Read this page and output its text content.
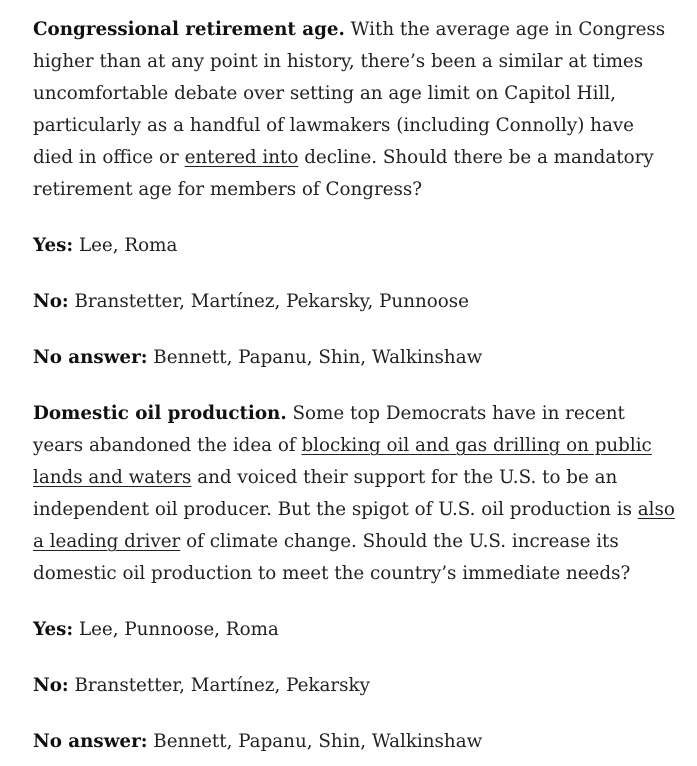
Congressional retirement age. With the average age in Congress higher than at any point in history, there’s been a similar at times uncomfortable debate over setting an age limit on Capitol Hill, particularly as a handful of lawmakers (including Connolly) have died in office or entered into decline. Should there be a mandatory retirement age for members of Congress?

Yes: Lee, Roma

No: Branstetter, Martínez, Pekarsky, Punnoose

No answer: Bennett, Papanu, Shin, Walkinshaw

Domestic oil production. Some top Democrats have in recent years abandoned the idea of blocking oil and gas drilling on public lands and waters and voiced their support for the U.S. to be an independent oil producer. But the spigot of U.S. oil production is also a leading driver of climate change. Should the U.S. increase its domestic oil production to meet the country’s immediate needs?

Yes: Lee, Punnoose, Roma

No: Branstetter, Martínez, Pekarsky

No answer: Bennett, Papanu, Shin, Walkinshaw
